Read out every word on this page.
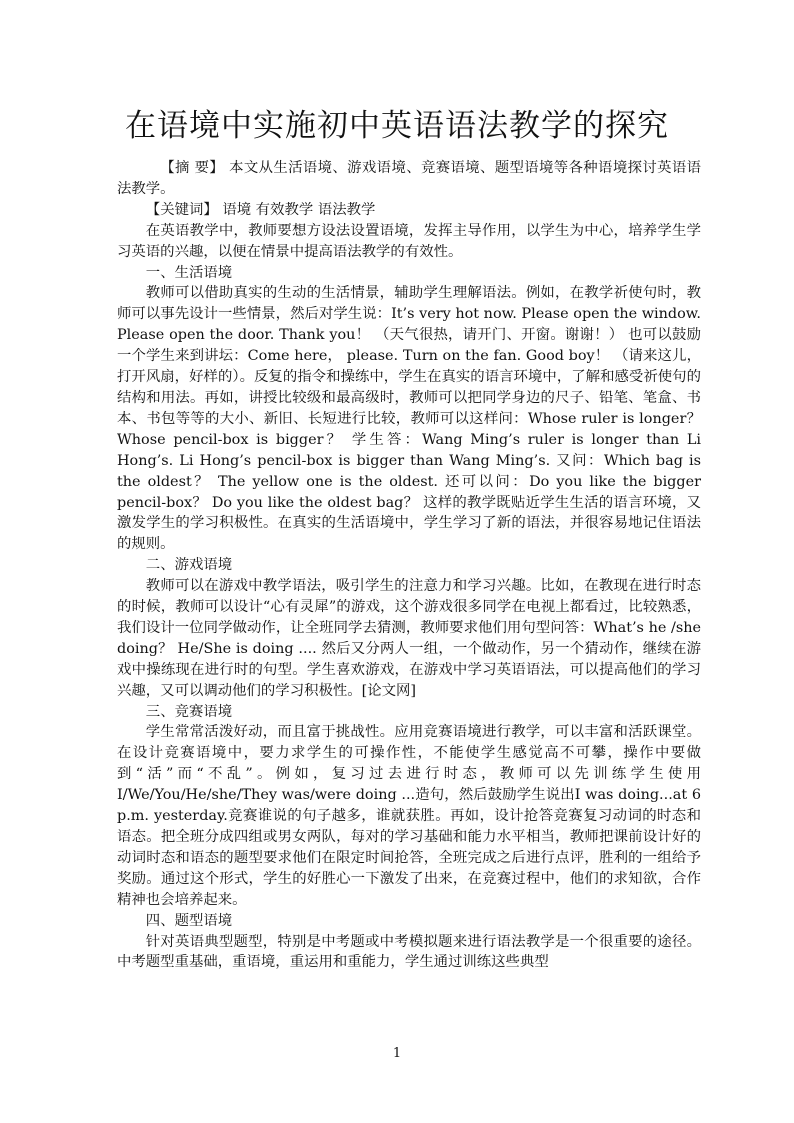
在语境中实施初中英语语法教学的探究

【摘 要】 本文从生活语境、游戏语境、竞赛语境、题型语境等各种语境探讨英语语法教学。

【关键词】 语境 有效教学 语法教学

在英语教学中，教师要想方设法设置语境，发挥主导作用，以学生为中心，培养学生学习英语的兴趣，以便在情景中提高语法教学的有效性。

一、生活语境

教师可以借助真实的生动的生活情景，辅助学生理解语法。例如，在教学祈使句时，教师可以事先设计一些情景，然后对学生说：It’s very hot now. Please open the window. Please open the door. Thank you！ （天气很热，请开门、开窗。谢谢！） 也可以鼓励一个学生来到讲坛：Come here， please. Turn on the fan. Good boy！ （请来这儿，打开风扇，好样的）。反复的指令和操练中，学生在真实的语言环境中，了解和感受祈使句的结构和用法。再如，讲授比较级和最高级时，教师可以把同学身边的尺子、铅笔、笔盒、书本、书包等等的大小、新旧、长短进行比较，教师可以这样问：Whose ruler is longer？ Whose pencil-box is bigger？ 学生答：Wang Ming’s ruler is longer than Li Hong’s. Li Hong’s pencil-box is bigger than Wang Ming’s. 又问：Which bag is the oldest？ The yellow one is the oldest. 还可以问：Do you like the bigger pencil-box？ Do you like the oldest bag？ 这样的教学既贴近学生生活的语言环境，又激发学生的学习积极性。在真实的生活语境中，学生学习了新的语法，并很容易地记住语法的规则。

二、游戏语境

教师可以在游戏中教学语法，吸引学生的注意力和学习兴趣。比如，在教现在进行时态的时候，教师可以设计“心有灵犀”的游戏，这个游戏很多同学在电视上都看过，比较熟悉，我们设计一位同学做动作，让全班同学去猜测，教师要求他们用句型问答：What’s he /she doing？ He/She is doing .... 然后又分两人一组，一个做动作，另一个猜动作，继续在游戏中操练现在进行时的句型。学生喜欢游戏，在游戏中学习英语语法，可以提高他们的学习兴趣，又可以调动他们的学习积极性。[论文网]

三、竞赛语境

学生常常活泼好动，而且富于挑战性。应用竞赛语境进行教学，可以丰富和活跃课堂。在设计竞赛语境中，要力求学生的可操作性，不能使学生感觉高不可攀，操作中要做到“活”而“不乱”。例如，复习过去进行时态，教师可以先训练学生使用I/We/You/He/she/They was/were doing ...造句，然后鼓励学生说出I was doing...at 6 p.m. yesterday.竞赛谁说的句子越多，谁就获胜。再如，设计抢答竞赛复习动词的时态和语态。把全班分成四组或男女两队，每对的学习基础和能力水平相当，教师把课前设计好的动词时态和语态的题型要求他们在限定时间抢答，全班完成之后进行点评，胜利的一组给予奖励。通过这个形式，学生的好胜心一下激发了出来，在竞赛过程中，他们的求知欲，合作精神也会培养起来。

四、题型语境

针对英语典型题型，特别是中考题或中考模拟题来进行语法教学是一个很重要的途径。中考题型重基础，重语境，重运用和重能力，学生通过训练这些典型

1
